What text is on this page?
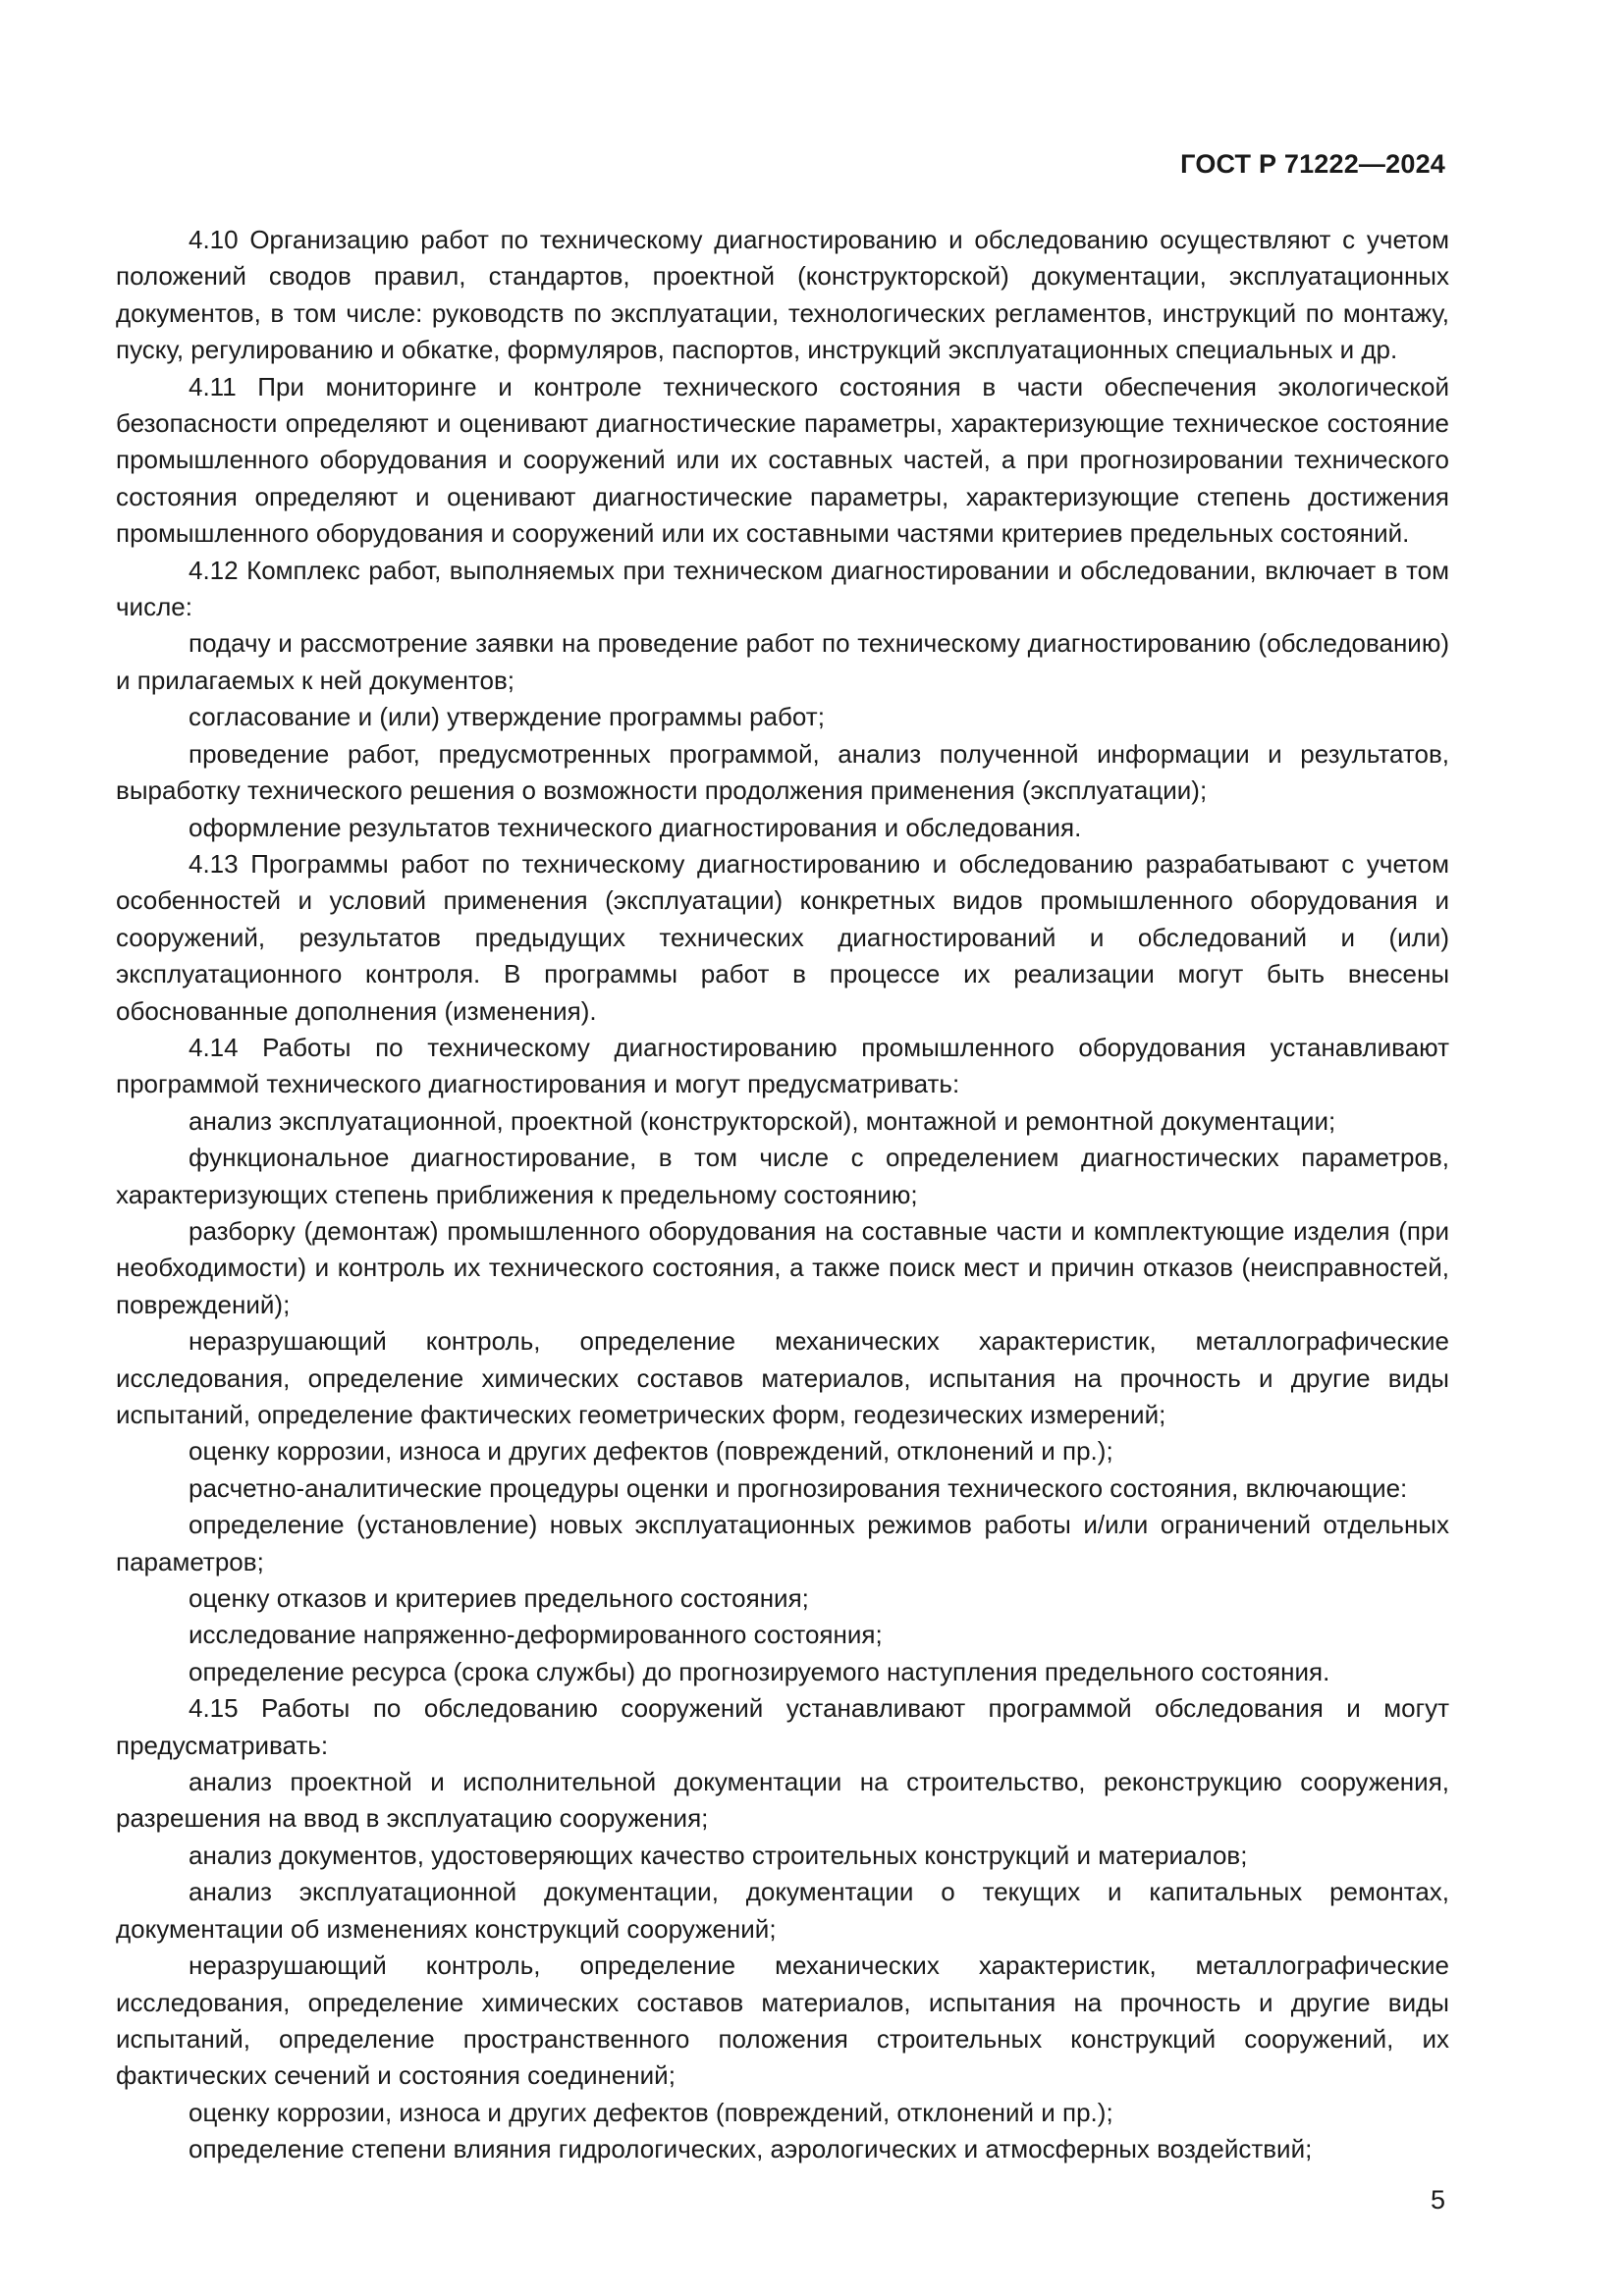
ГОСТ Р 71222—2024

4.10 Организацию работ по техническому диагностированию и обследованию осуществляют с учетом положений сводов правил, стандартов, проектной (конструкторской) документации, эксплуатационных документов, в том числе: руководств по эксплуатации, технологических регламентов, инструкций по монтажу, пуску, регулированию и обкатке, формуляров, паспортов, инструкций эксплуатационных специальных и др.

4.11 При мониторинге и контроле технического состояния в части обеспечения экологической безопасности определяют и оценивают диагностические параметры, характеризующие техническое состояние промышленного оборудования и сооружений или их составных частей, а при прогнозировании технического состояния определяют и оценивают диагностические параметры, характеризующие степень достижения промышленного оборудования и сооружений или их составными частями критериев предельных состояний.

4.12 Комплекс работ, выполняемых при техническом диагностировании и обследовании, включает в том числе:

подачу и рассмотрение заявки на проведение работ по техническому диагностированию (обследованию) и прилагаемых к ней документов;

согласование и (или) утверждение программы работ;

проведение работ, предусмотренных программой, анализ полученной информации и результатов, выработку технического решения о возможности продолжения применения (эксплуатации);

оформление результатов технического диагностирования и обследования.

4.13 Программы работ по техническому диагностированию и обследованию разрабатывают с учетом особенностей и условий применения (эксплуатации) конкретных видов промышленного оборудования и сооружений, результатов предыдущих технических диагностирований и обследований и (или) эксплуатационного контроля. В программы работ в процессе их реализации могут быть внесены обоснованные дополнения (изменения).

4.14 Работы по техническому диагностированию промышленного оборудования устанавливают программой технического диагностирования и могут предусматривать:

анализ эксплуатационной, проектной (конструкторской), монтажной и ремонтной документации;

функциональное диагностирование, в том числе с определением диагностических параметров, характеризующих степень приближения к предельному состоянию;

разборку (демонтаж) промышленного оборудования на составные части и комплектующие изделия (при необходимости) и контроль их технического состояния, а также поиск мест и причин отказов (неисправностей, повреждений);

неразрушающий контроль, определение механических характеристик, металлографические исследования, определение химических составов материалов, испытания на прочность и другие виды испытаний, определение фактических геометрических форм, геодезических измерений;

оценку коррозии, износа и других дефектов (повреждений, отклонений и пр.);

расчетно-аналитические процедуры оценки и прогнозирования технического состояния, включающие:

определение (установление) новых эксплуатационных режимов работы и/или ограничений отдельных параметров;

оценку отказов и критериев предельного состояния;

исследование напряженно-деформированного состояния;

определение ресурса (срока службы) до прогнозируемого наступления предельного состояния.

4.15 Работы по обследованию сооружений устанавливают программой обследования и могут предусматривать:

анализ проектной и исполнительной документации на строительство, реконструкцию сооружения, разрешения на ввод в эксплуатацию сооружения;

анализ документов, удостоверяющих качество строительных конструкций и материалов;

анализ эксплуатационной документации, документации о текущих и капитальных ремонтах, документации об изменениях конструкций сооружений;

неразрушающий контроль, определение механических характеристик, металлографические исследования, определение химических составов материалов, испытания на прочность и другие виды испытаний, определение пространственного положения строительных конструкций сооружений, их фактических сечений и состояния соединений;

оценку коррозии, износа и других дефектов (повреждений, отклонений и пр.);

определение степени влияния гидрологических, аэрологических и атмосферных воздействий;

5
